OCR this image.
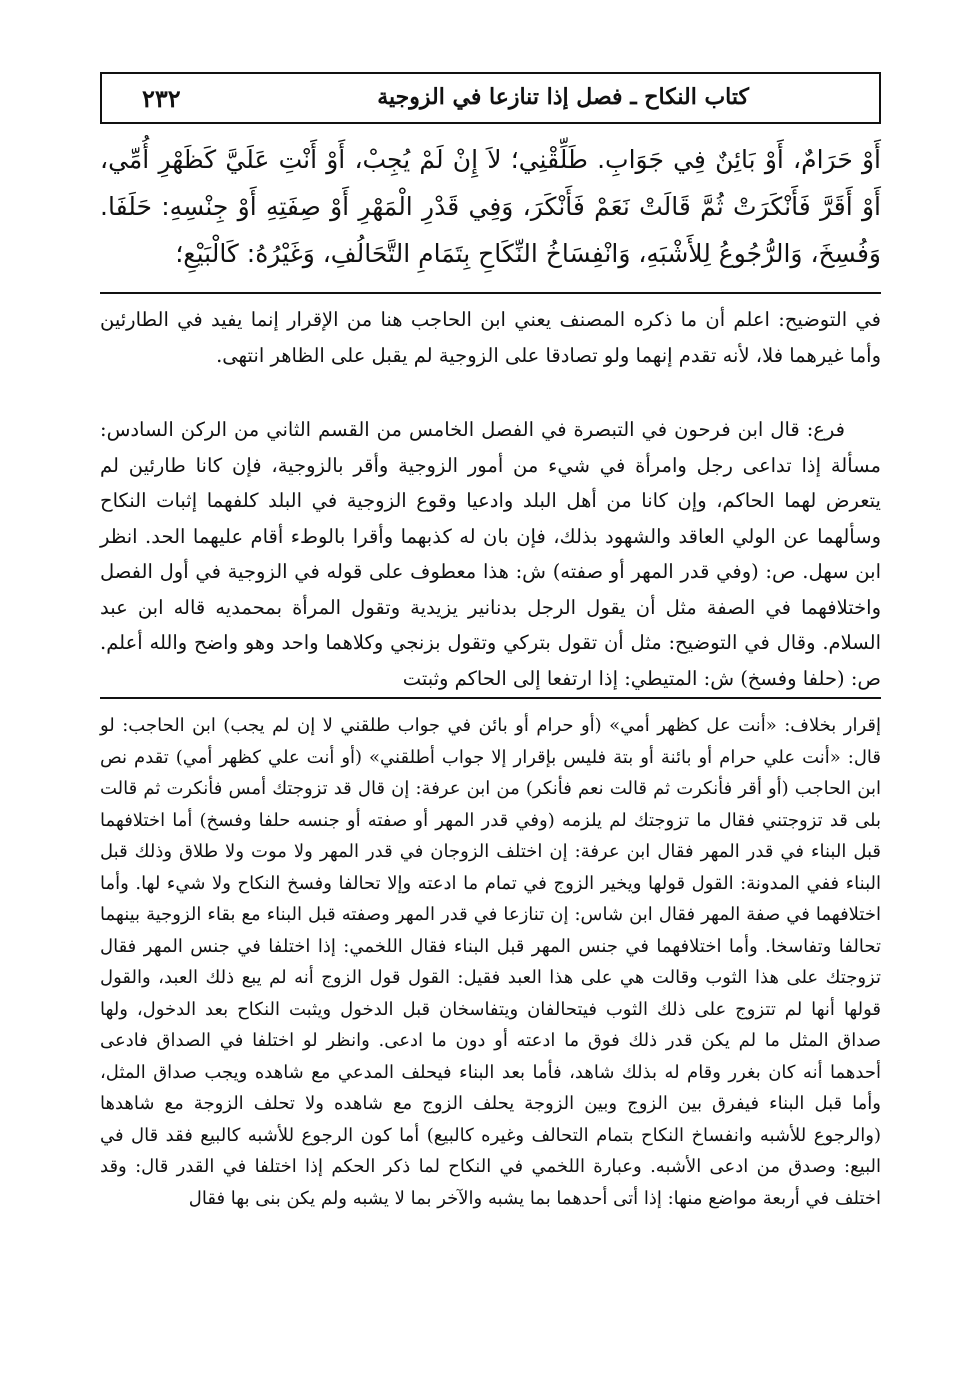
كتاب النكاح ـ فصل إذا تنازعا في الزوجية
٢٣٢

أَوْ حَرَامٌ، أَوْ بَائِنٌ فِي جَوَابِ. طَلِّقْنِي؛ لاَ إِنْ لَمْ يُجِبْ، أَوْ أَنْتِ عَلَيَّ كَظَهْرِ أُمِّي، أَوْ أَقَرَّ فَأَنْكَرَتْ ثُمَّ قَالَتْ نَعَمْ فَأَنْكَرَ، وَفِي قَدْرِ الْمَهْرِ أَوْ صِفَتِهِ أَوْ جِنْسِهِ: حَلَفَا. وَفُسِخَ، وَالرُّجُوعُ لِلأَشْبَهِ، وَانْفِسَاخُ النِّكَاحِ بِتَمَامِ التَّحَالُفِ، وَغَيْرُهُ: كَالْبَيْعِ؛

في التوضيح: اعلم أن ما ذكره المصنف يعني ابن الحاجب هنا من الإقرار إنما يفيد في الطارئين وأما غيرهما فلا، لأنه تقدم إنهما ولو تصادقا على الزوجية لم يقبل على الظاهر انتهى.

فرع: قال ابن فرحون في التبصرة في الفصل الخامس من القسم الثاني من الركن السادس: مسألة إذا تداعى رجل وامرأة في شيء من أمور الزوجية وأقر بالزوجية، فإن كانا طارئين لم يتعرض لهما الحاكم، وإن كانا من أهل البلد وادعيا وقوع الزوجية في البلد كلفهما إثبات النكاح وسألهما عن الولي العاقد والشهود بذلك، فإن بان له كذبهما وأقرا بالوطء أقام عليهما الحد. انظر ابن سهل. ص: (وفي قدر المهر أو صفته) ش: هذا معطوف على قوله في الزوجية في أول الفصل واختلافهما في الصفة مثل أن يقول الرجل بدنانير يزيدية وتقول المرأة بمحمديه قاله ابن عبد السلام. وقال في التوضيح: مثل أن تقول بتركي وتقول بزنجي وكلاهما واحد وهو واضح والله أعلم. ص: (حلفا وفسخ) ش: المتيطي: إذا ارتفعا إلى الحاكم وثبتت

إقرار بخلاف: «أنت عل كظهر أمي» (أو حرام أو بائن في جواب طلقني لا إن لم يجب) ابن الحاجب: لو قال: «أنت علي حرام أو بائنة أو بتة فليس بإقرار إلا جواب أطلقني» (أو أنت علي كظهر أمي) تقدم نص ابن الحاجب (أو أقر فأنكرت ثم قالت نعم فأنكر) من ابن عرفة: إن قال قد تزوجتك أمس فأنكرت ثم قالت بلى قد تزوجتني فقال ما تزوجتك لم يلزمه (وفي قدر المهر أو صفته أو جنسه حلفا وفسخ) أما اختلافهما قبل البناء في قدر المهر فقال ابن عرفة: إن اختلف الزوجان في قدر المهر ولا موت ولا طلاق وذلك قبل البناء ففي المدونة: القول قولها ويخير الزوج في تمام ما ادعته وإلا تحالفا وفسخ النكاح ولا شيء لها. وأما اختلافهما في صفة المهر فقال ابن شاس: إن تنازعا في قدر المهر وصفته قبل البناء مع بقاء الزوجية بينهما تحالفا وتفاسخا. وأما اختلافهما في جنس المهر قبل البناء فقال اللخمي: إذا اختلفا في جنس المهر فقال تزوجتك على هذا الثوب وقالت هي على هذا العبد فقيل: القول قول الزوج أنه لم يبع ذلك العبد، والقول قولها أنها لم تتزوج على ذلك الثوب فيتحالفان ويتفاسخان قبل الدخول ويثبت النكاح بعد الدخول، ولها صداق المثل ما لم يكن قدر ذلك فوق ما ادعته أو دون ما ادعى. وانظر لو اختلفا في الصداق فادعى أحدهما أنه كان بغرر وقام له بذلك شاهد، فأما بعد البناء فيحلف المدعي مع شاهده ويجب صداق المثل، وأما قبل البناء فيفرق بين الزوج وبين الزوجة يحلف الزوج مع شاهده ولا تحلف الزوجة مع شاهدها (والرجوع للأشبه وانفساخ النكاح بتمام التحالف وغيره كالبيع) أما كون الرجوع للأشبه كالبيع فقد قال في البيع: وصدق من ادعى الأشبه. وعبارة اللخمي في النكاح لما ذكر الحكم إذا اختلفا في القدر قال: وقد اختلف في أربعة مواضع منها: إذا أتى أحدهما بما يشبه والآخر بما لا يشبه ولم يكن بنى بها فقال
